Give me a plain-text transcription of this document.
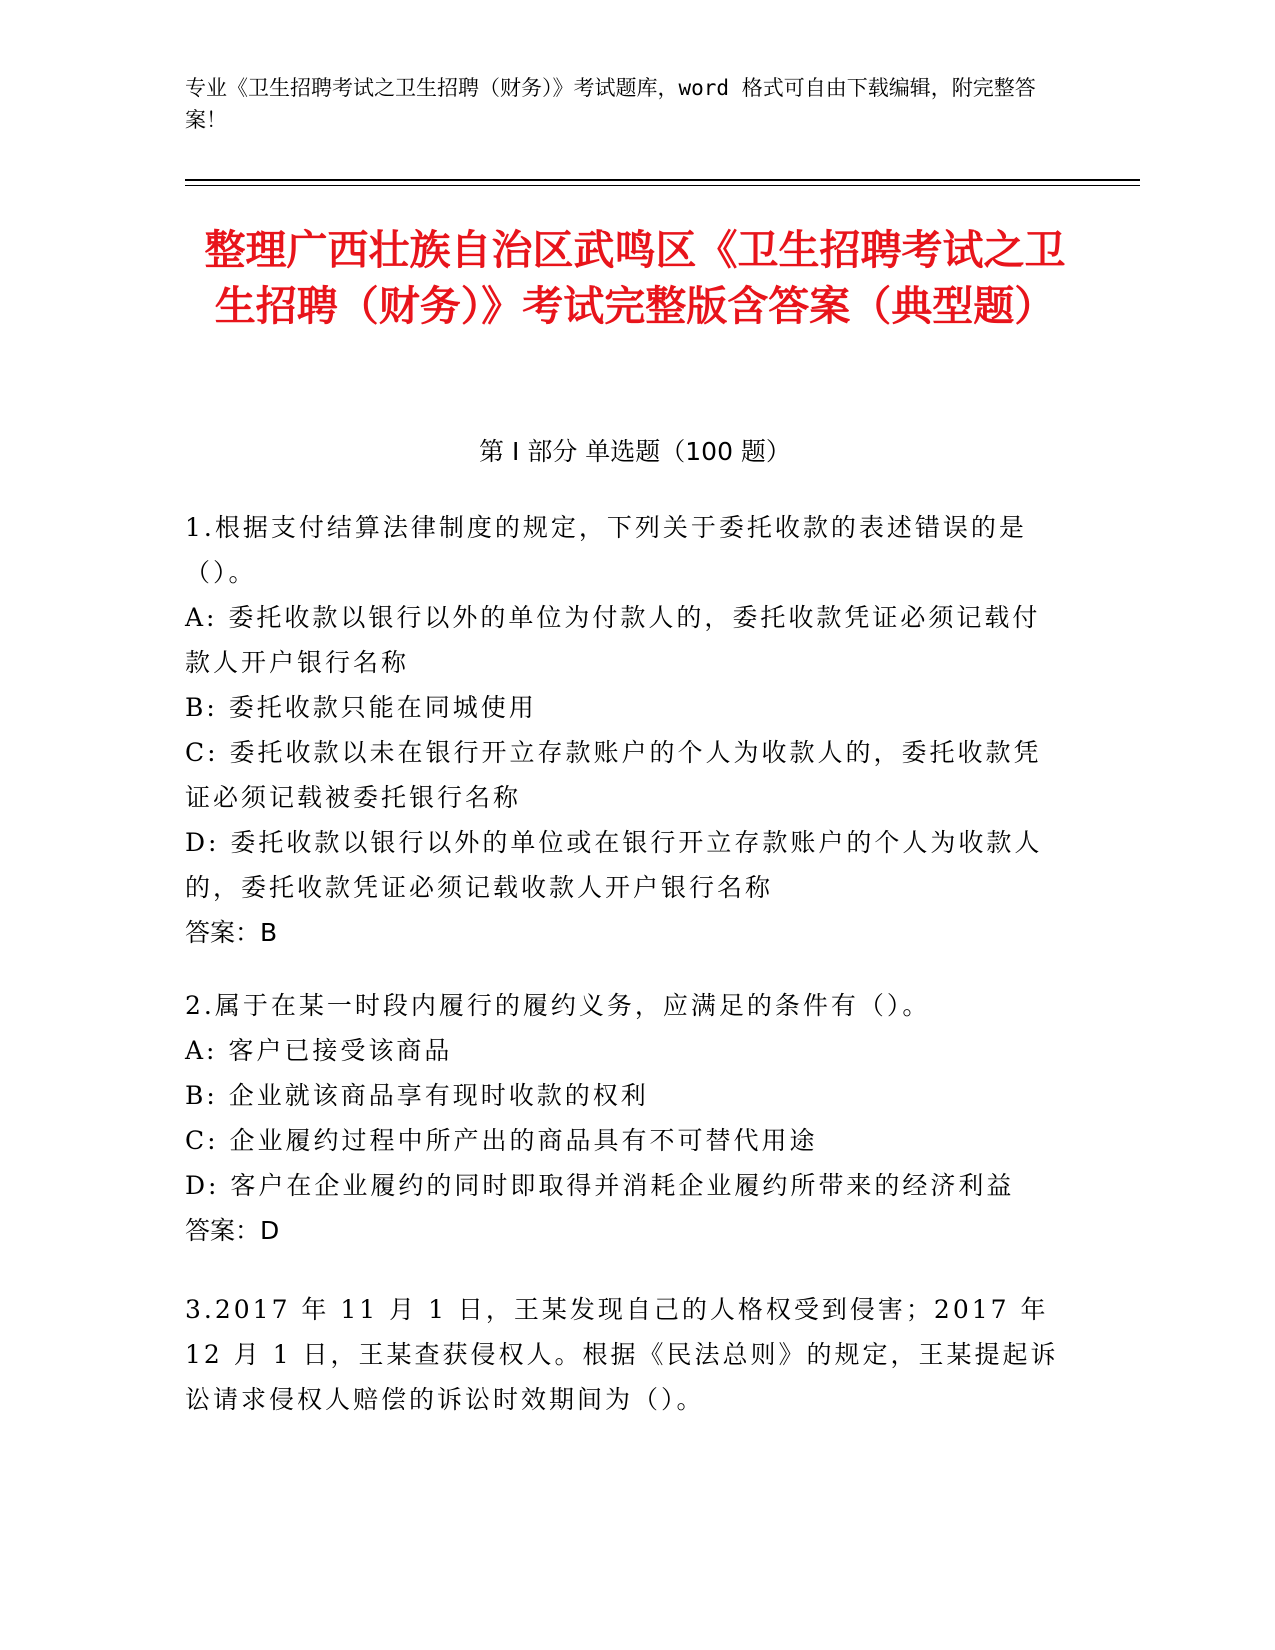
专业《卫生招聘考试之卫生招聘（财务）》考试题库，word 格式可自由下载编辑，附完整答案！
整理广西壮族自治区武鸣区《卫生招聘考试之卫生招聘（财务）》考试完整版含答案（典型题）
第 I 部分 单选题（100 题）
1.根据支付结算法律制度的规定，下列关于委托收款的表述错误的是（）。
A: 委托收款以银行以外的单位为付款人的，委托收款凭证必须记载付款人开户银行名称
B: 委托收款只能在同城使用
C: 委托收款以未在银行开立存款账户的个人为收款人的，委托收款凭证必须记载被委托银行名称
D: 委托收款以银行以外的单位或在银行开立存款账户的个人为收款人的，委托收款凭证必须记载收款人开户银行名称
答案：B
2.属于在某一时段内履行的履约义务，应满足的条件有（）。
A: 客户已接受该商品
B: 企业就该商品享有现时收款的权利
C: 企业履约过程中所产出的商品具有不可替代用途
D: 客户在企业履约的同时即取得并消耗企业履约所带来的经济利益
答案：D
3.2017 年 11 月 1 日，王某发现自己的人格权受到侵害；2017 年 12 月 1 日，王某查获侵权人。根据《民法总则》的规定，王某提起诉讼请求侵权人赔偿的诉讼时效期间为（）。
